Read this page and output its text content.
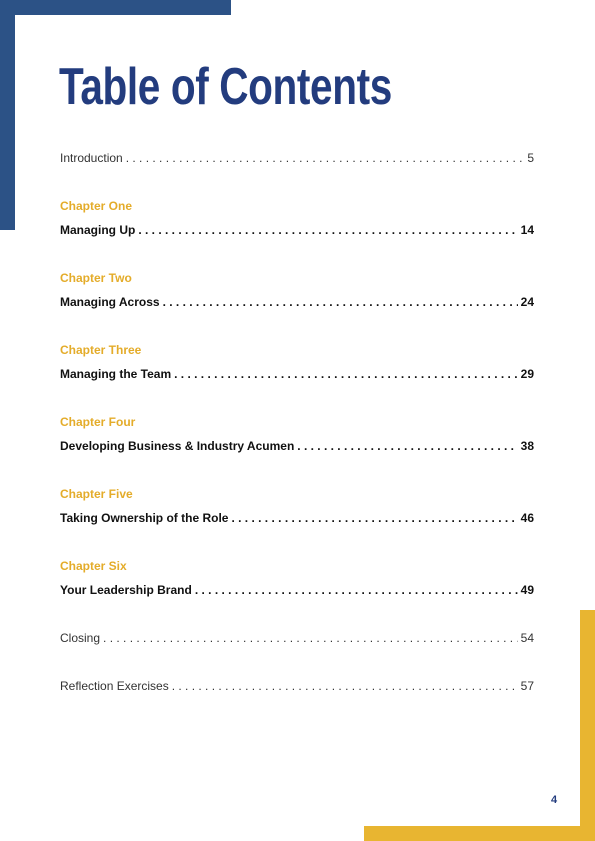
Table of Contents
Introduction . . .	5
Chapter One
Managing Up . . .	14
Chapter Two
Managing Across . . .	24
Chapter Three
Managing the Team . . .	29
Chapter Four
Developing Business & Industry Acumen . . .	38
Chapter Five
Taking Ownership of the Role . . .	46
Chapter Six
Your Leadership Brand . . .	49
Closing . . .	54
Reflection Exercises . . .	57
4
